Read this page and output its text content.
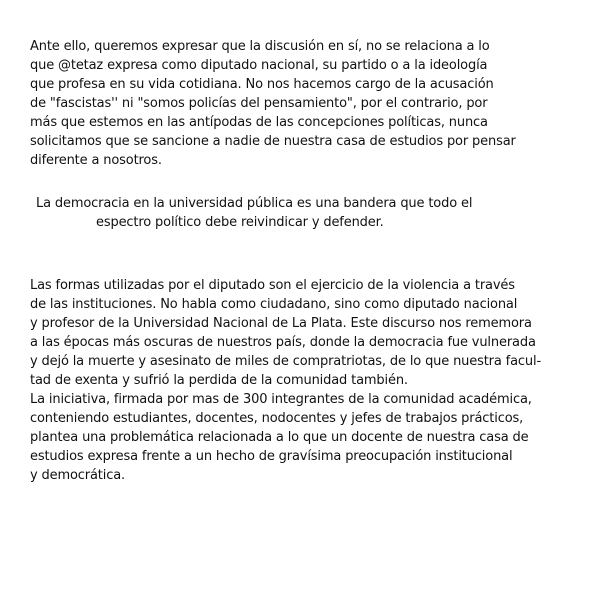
Ante ello, queremos expresar que la discusión en sí, no se relaciona a lo
que @tetaz expresa como diputado nacional, su partido o a la ideología
que profesa en su vida cotidiana. No nos hacemos cargo de la acusación
de "fascistas'' ni "somos policías del pensamiento", por el contrario, por
más que estemos en las antípodas de las concepciones políticas, nunca
solicitamos que se sancione a nadie de nuestra casa de estudios por pensar
diferente a nosotros.
La democracia en la universidad pública es una bandera que todo el
espectro político debe reivindicar y defender.
Las formas utilizadas por el diputado son el ejercicio de la violencia a través
de las instituciones. No habla como ciudadano, sino como diputado nacional
y profesor de la Universidad Nacional de La Plata. Este discurso nos rememora
a las épocas más oscuras de nuestros país, donde la democracia fue vulnerada
y dejó la muerte y asesinato de miles de compratriotas, de lo que nuestra facul-
tad de exenta y sufrió la perdida de la comunidad también.
La iniciativa, firmada por mas de 300 integrantes de la comunidad académica,
conteniendo estudiantes, docentes, nodocentes y jefes de trabajos prácticos,
plantea una problemática relacionada a lo que un docente de nuestra casa de
estudios expresa frente a un hecho de gravísima preocupación institucional
y democrática.
